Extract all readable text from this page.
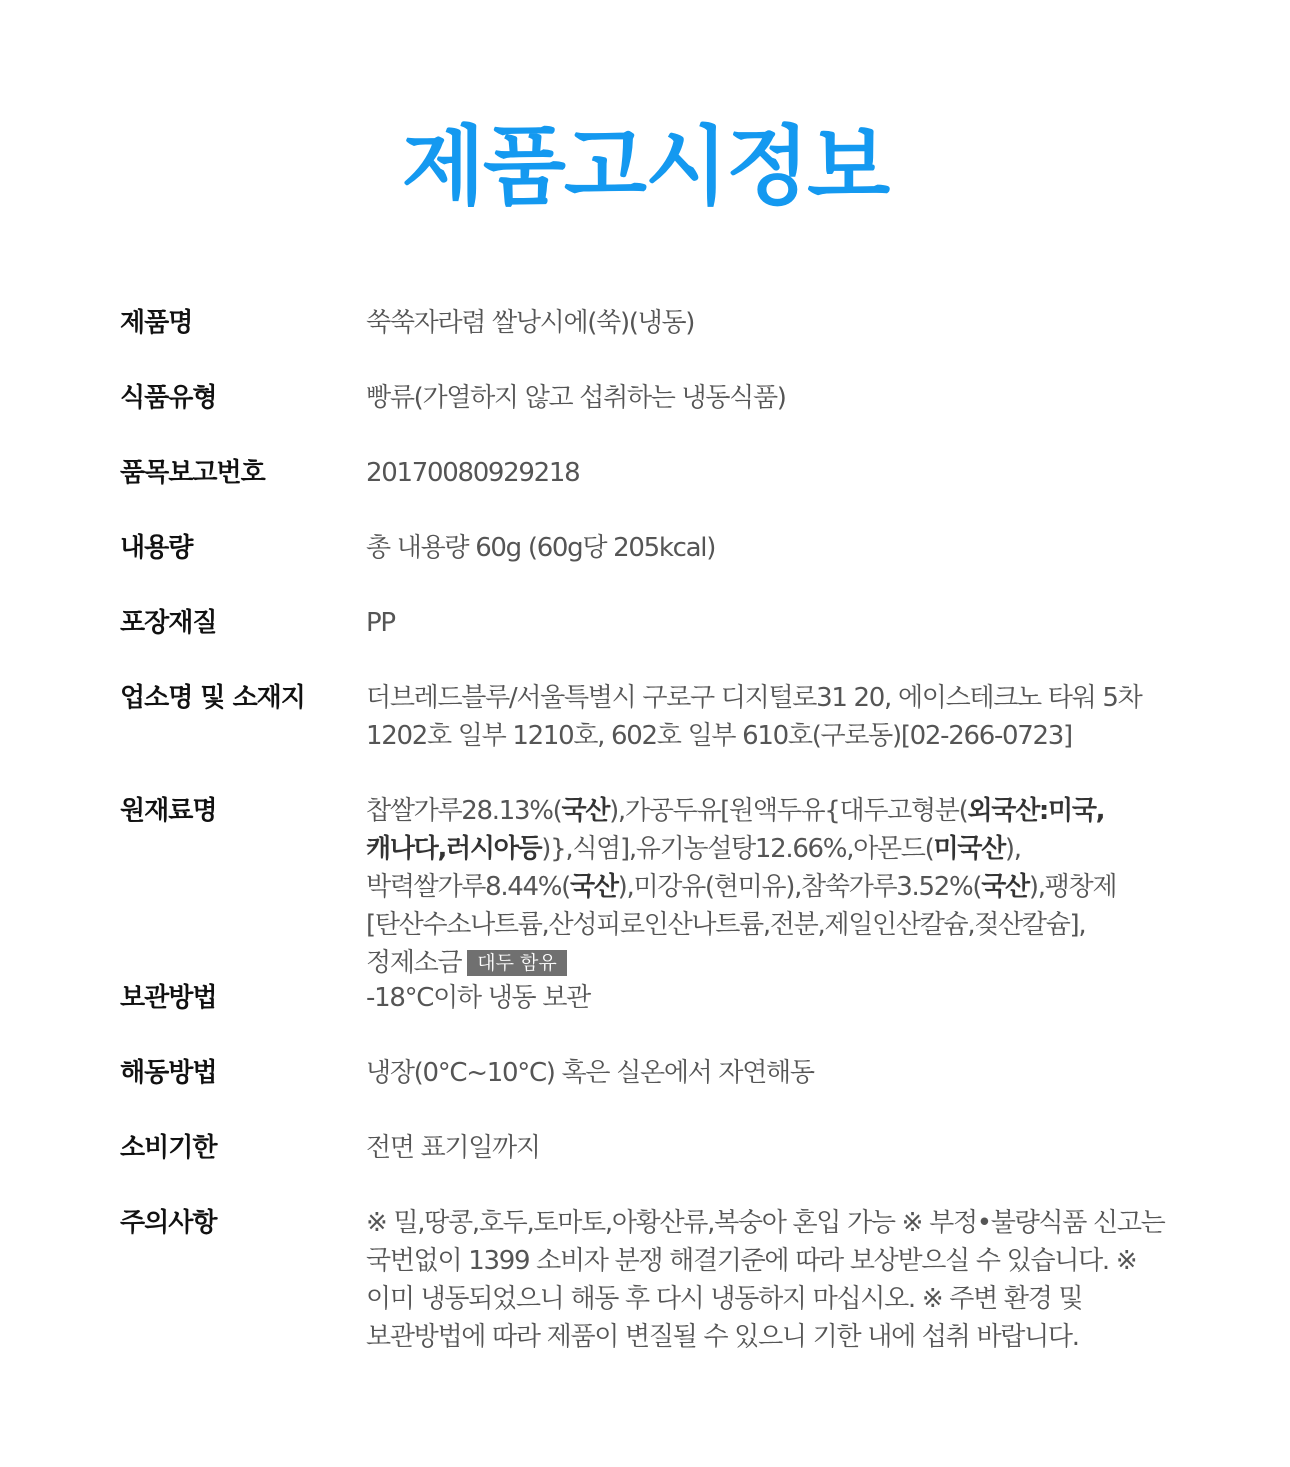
제품고시정보
제품명	쑥쑥자라렴 쌀낭시에(쑥)(냉동)
식품유형	빵류(가열하지 않고 섭취하는 냉동식품)
품목보고번호	20170080929218
내용량	총 내용량 60g (60g당 205kcal)
포장재질	PP
업소명 및 소재지	더브레드블루/서울특별시 구로구 디지털로31 20, 에이스테크노 타워 5차 1202호 일부 1210호, 602호 일부 610호(구로동)[02-266-0723]
원재료명	찹쌀가루28.13%(국산),가공두유[원액두유{대두고형분(외국산:미국,캐나다,러시아등)},식염],유기농설탕12.66%,아몬드(미국산),박력쌀가루8.44%(국산),미강유(현미유),참쑥가루3.52%(국산),팽창제[탄산수소나트륨,산성피로인산나트륨,전분,제일인산칼슘,젖산칼슘],정제소금 대두 함유
보관방법	-18°C이하 냉동 보관
해동방법	냉장(0°C~10°C) 혹은 실온에서 자연해동
소비기한	전면 표기일까지
주의사항	※ 밀,땅콩,호두,토마토,아황산류,복숭아 혼입 가능 ※ 부정•불량식품 신고는 국번없이 1399 소비자 분쟁 해결기준에 따라 보상받으실 수 있습니다. ※ 이미 냉동되었으니 해동 후 다시 냉동하지 마십시오. ※ 주변 환경 및 보관방법에 따라 제품이 변질될 수 있으니 기한 내에 섭취 바랍니다.
